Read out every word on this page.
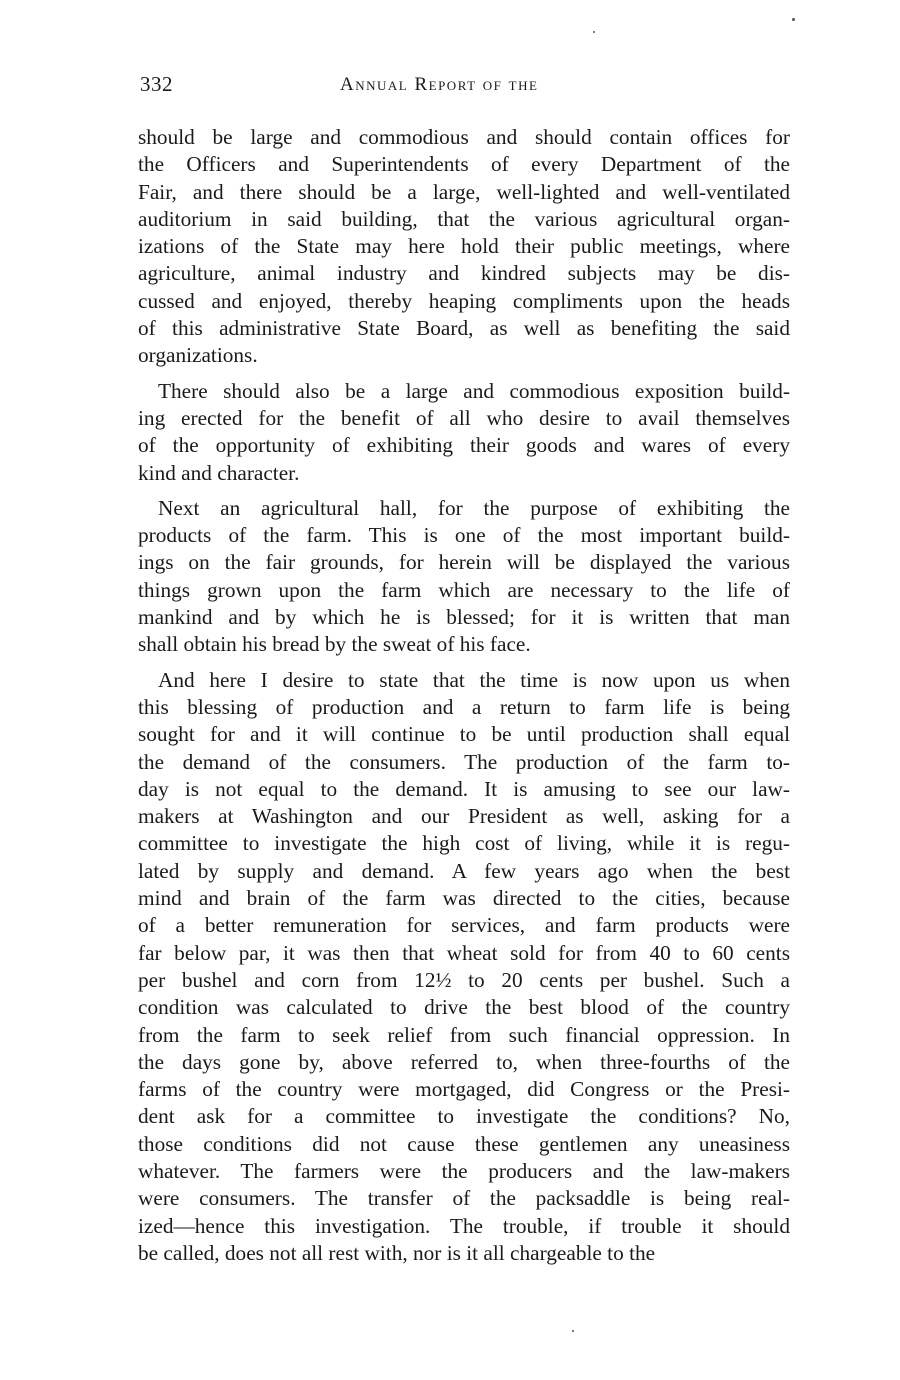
332	Annual Report of the
should be large and commodious and should contain offices for
the Officers and Superintendents of every Department of the
Fair, and there should be a large, well-lighted and well-ventilated
auditorium in said building, that the various agricultural organ-
izations of the State may here hold their public meetings, where
agriculture, animal industry and kindred subjects may be dis-
cussed and enjoyed, thereby heaping compliments upon the heads
of this administrative State Board, as well as benefiting the said
organizations.
There should also be a large and commodious exposition build-
ing erected for the benefit of all who desire to avail themselves
of the opportunity of exhibiting their goods and wares of every
kind and character.
Next an agricultural hall, for the purpose of exhibiting the
products of the farm. This is one of the most important build-
ings on the fair grounds, for herein will be displayed the various
things grown upon the farm which are necessary to the life of
mankind and by which he is blessed; for it is written that man
shall obtain his bread by the sweat of his face.
And here I desire to state that the time is now upon us when
this blessing of production and a return to farm life is being
sought for and it will continue to be until production shall equal
the demand of the consumers. The production of the farm to-
day is not equal to the demand. It is amusing to see our law-
makers at Washington and our President as well, asking for a
committee to investigate the high cost of living, while it is regu-
lated by supply and demand. A few years ago when the best
mind and brain of the farm was directed to the cities, because
of a better remuneration for services, and farm products were
far below par, it was then that wheat sold for from 40 to 60 cents
per bushel and corn from 12½ to 20 cents per bushel. Such a
condition was calculated to drive the best blood of the country
from the farm to seek relief from such financial oppression. In
the days gone by, above referred to, when three-fourths of the
farms of the country were mortgaged, did Congress or the Presi-
dent ask for a committee to investigate the conditions? No,
those conditions did not cause these gentlemen any uneasiness
whatever. The farmers were the producers and the law-makers
were consumers. The transfer of the packsaddle is being real-
ized—hence this investigation. The trouble, if trouble it should
be called, does not all rest with, nor is it all chargeable to the
